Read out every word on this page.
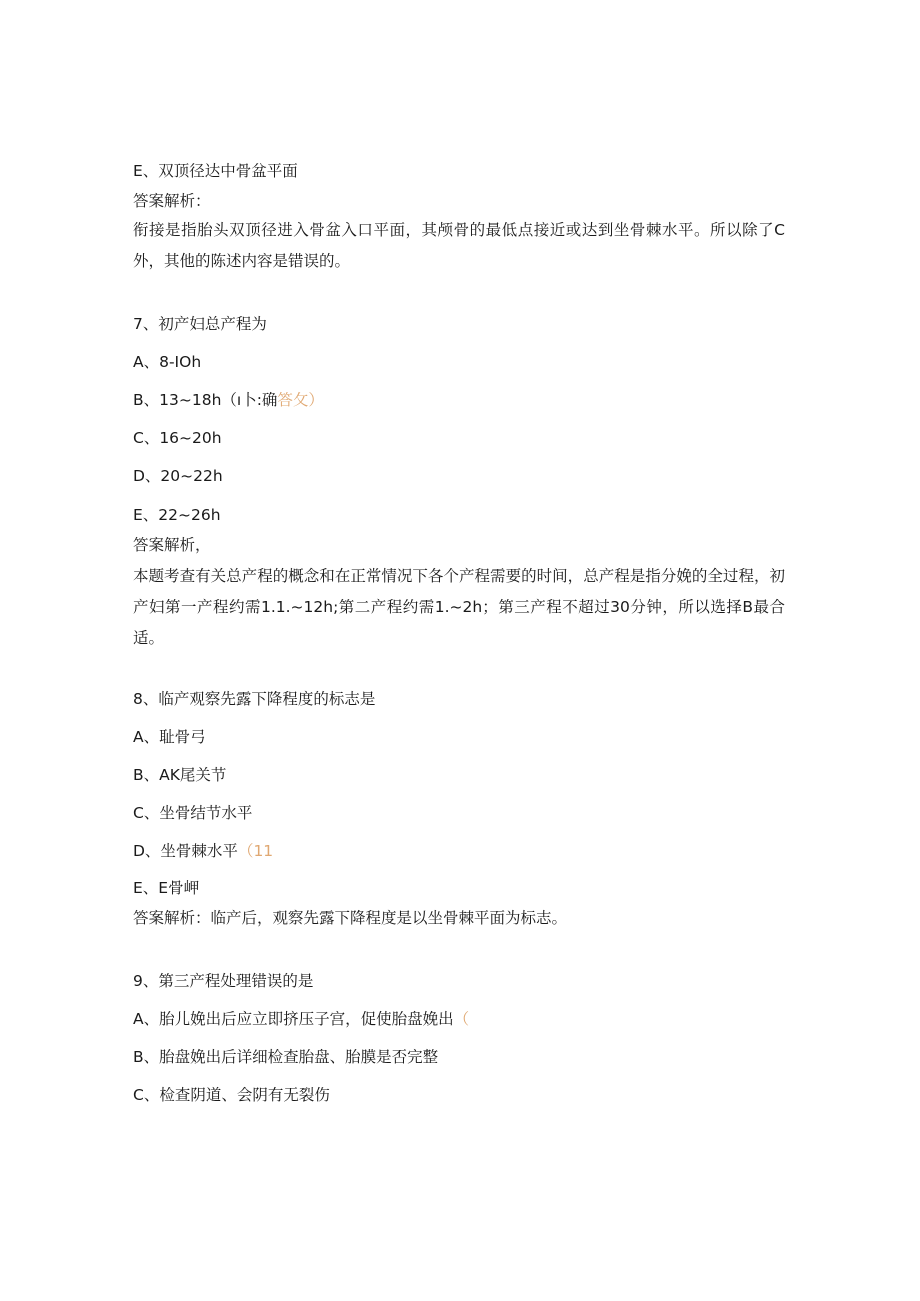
E、双顶径达中骨盆平面
答案解析：
衔接是指胎头双顶径进入骨盆入口平面，其颅骨的最低点接近或达到坐骨棘水平。所以除了C外，其他的陈述内容是错误的。
7、初产妇总产程为
A、8-IOh
B、13~18h（ı卜:确答攵）
C、16~20h
D、20~22h
E、22~26h
答案解析，
本题考查有关总产程的概念和在正常情况下各个产程需要的时间，总产程是指分娩的全过程，初产妇第一产程约需1.1.~12h;第二产程约需1.~2h；第三产程不超过30分钟，所以选择B最合适。
8、临产观察先露下降程度的标志是
A、耻骨弓
B、AK尾关节
C、坐骨结节水平
D、坐骨棘水平（11
E、E骨岬
答案解析：临产后，观察先露下降程度是以坐骨棘平面为标志。
9、第三产程处理错误的是
A、胎儿娩出后应立即挤压子宫，促使胎盘娩出（
B、胎盘娩出后详细检查胎盘、胎膜是否完整
C、检查阴道、会阴有无裂伤
